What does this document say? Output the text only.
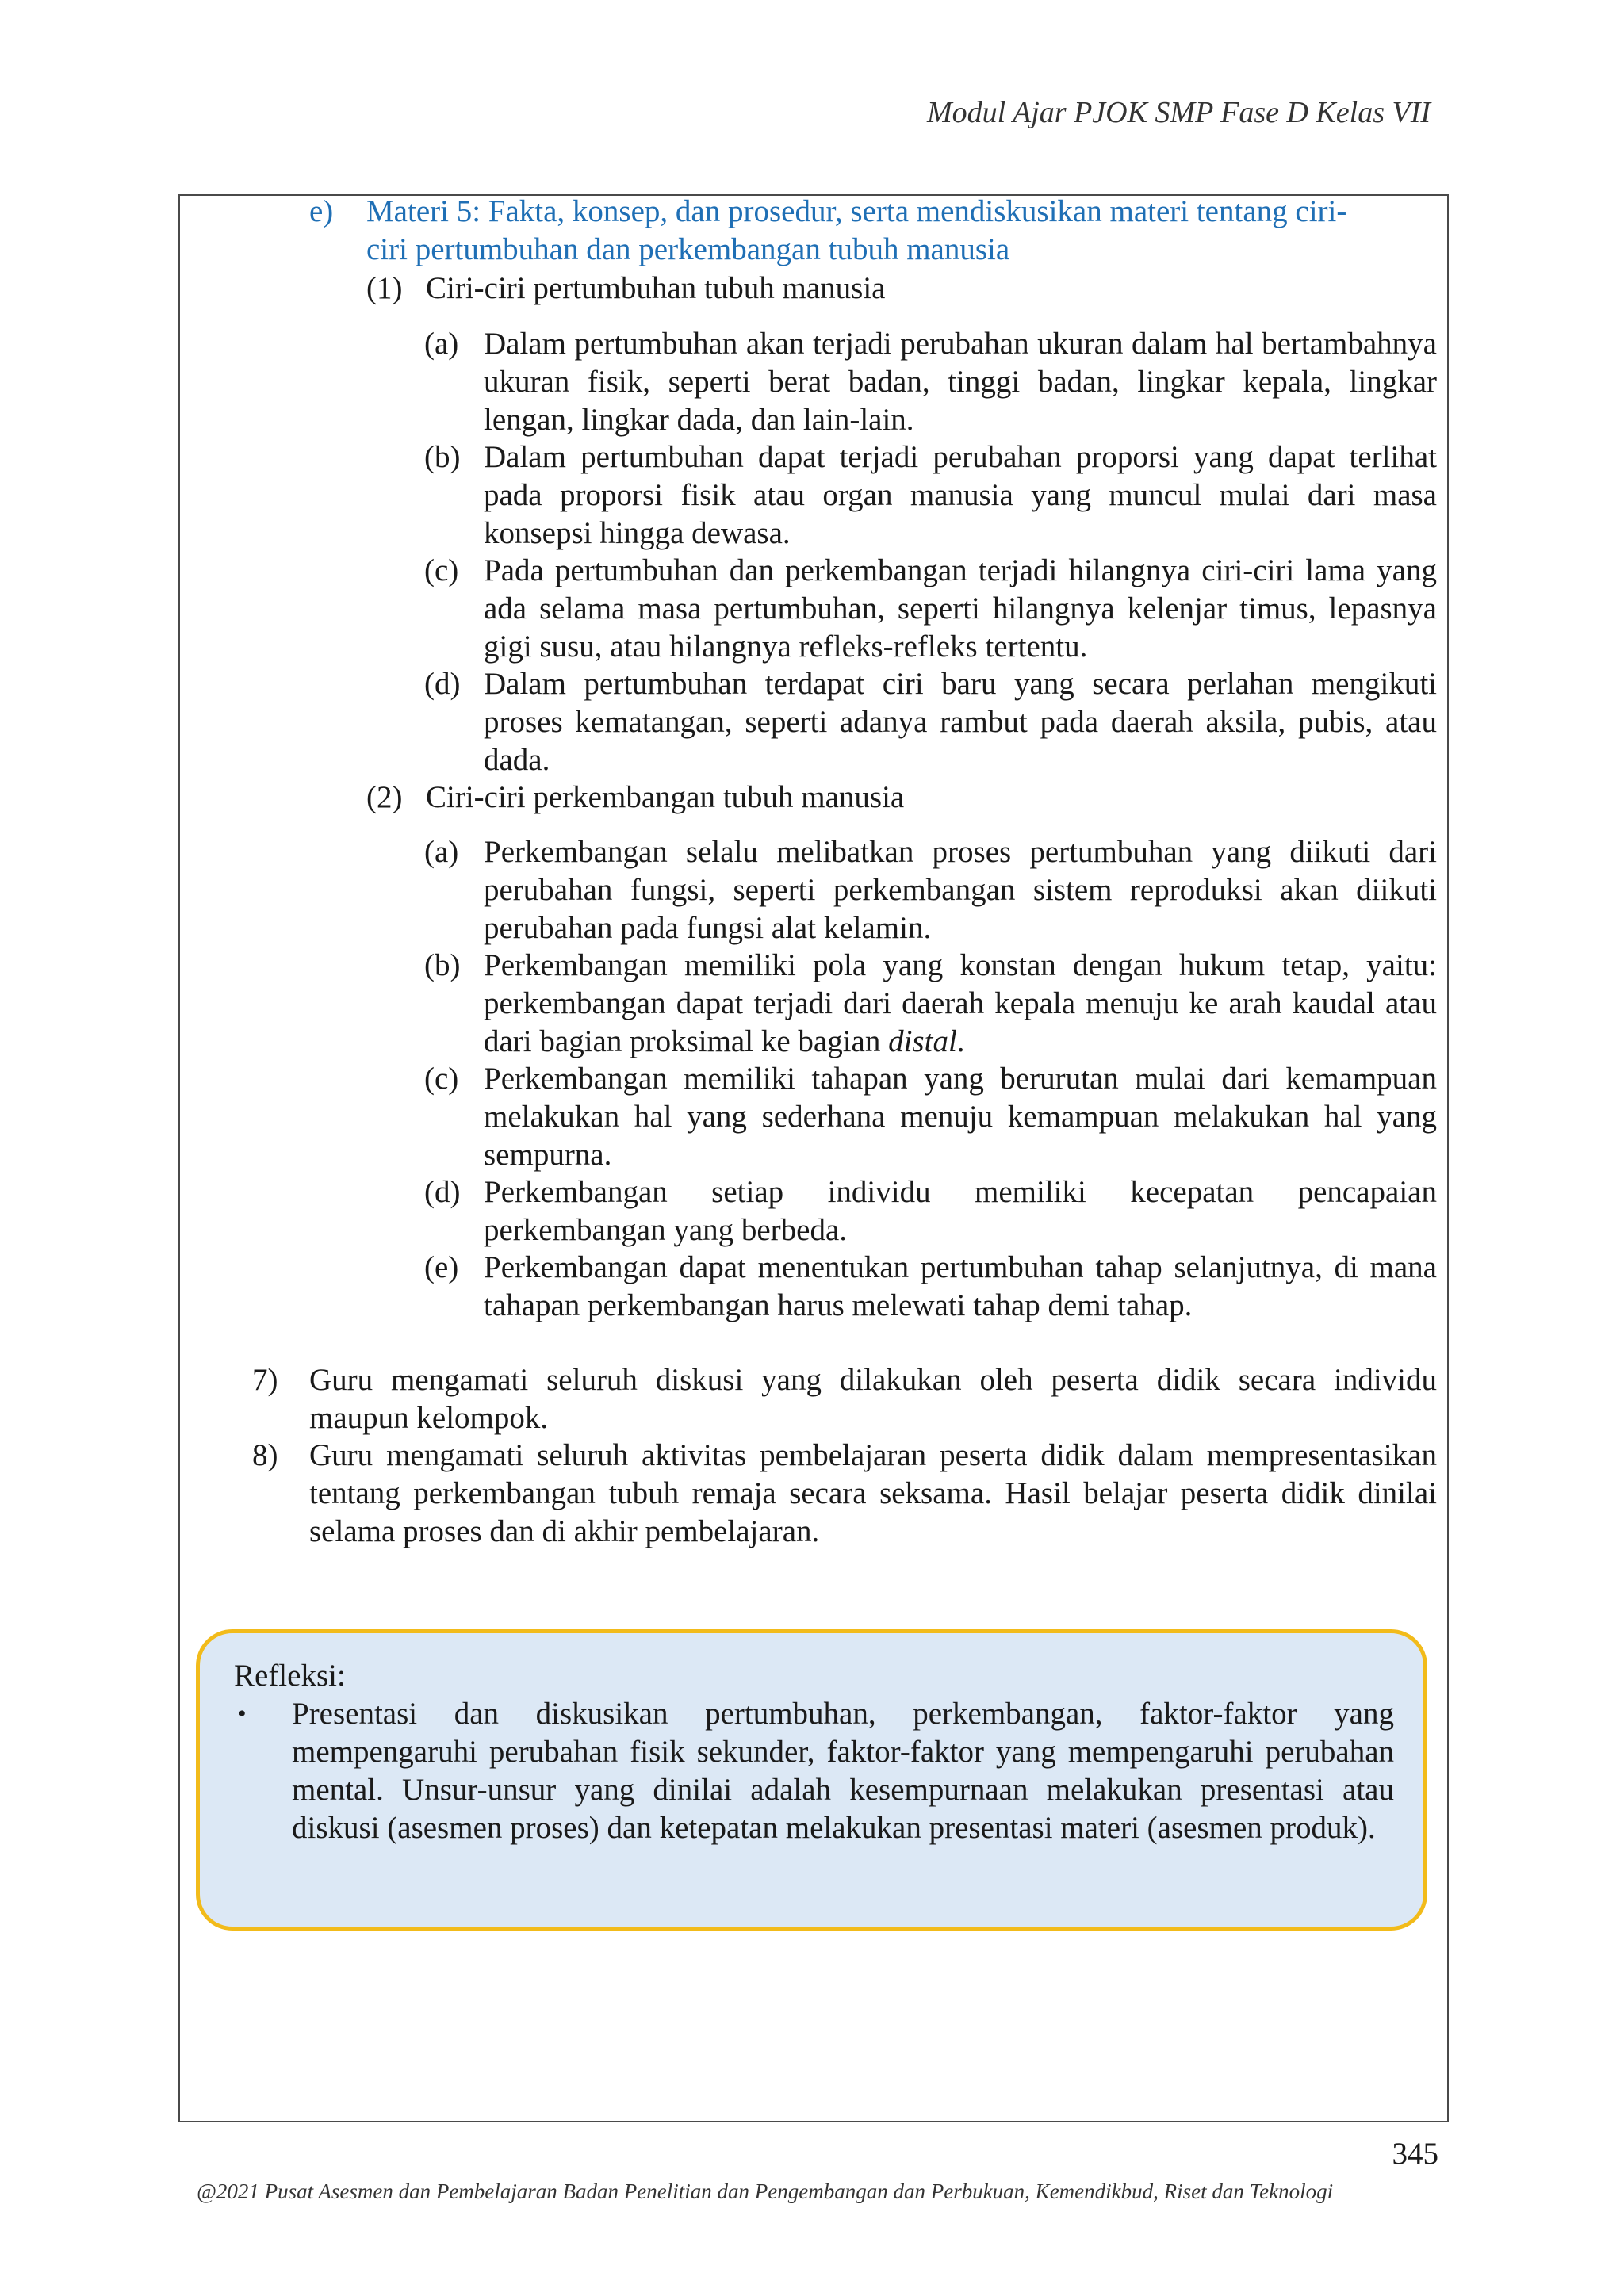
Modul Ajar PJOK SMP Fase D Kelas VII
e) Materi 5: Fakta, konsep, dan prosedur, serta mendiskusikan materi tentang ciri-
ciri pertumbuhan dan perkembangan tubuh manusia
(1) Ciri-ciri pertumbuhan tubuh manusia
(a) Dalam pertumbuhan akan terjadi perubahan ukuran dalam hal bertambahnya ukuran fisik, seperti berat badan, tinggi badan, lingkar kepala, lingkar lengan, lingkar dada, dan lain-lain.
(b) Dalam pertumbuhan dapat terjadi perubahan proporsi yang dapat terlihat pada proporsi fisik atau organ manusia yang muncul mulai dari masa konsepsi hingga dewasa.
(c) Pada pertumbuhan dan perkembangan terjadi hilangnya ciri-ciri lama yang ada selama masa pertumbuhan, seperti hilangnya kelenjar timus, lepasnya gigi susu, atau hilangnya refleks-refleks tertentu.
(d) Dalam pertumbuhan terdapat ciri baru yang secara perlahan mengikuti proses kematangan, seperti adanya rambut pada daerah aksila, pubis, atau dada.
(2) Ciri-ciri perkembangan tubuh manusia
(a) Perkembangan selalu melibatkan proses pertumbuhan yang diikuti dari perubahan fungsi, seperti perkembangan sistem reproduksi akan diikuti perubahan pada fungsi alat kelamin.
(b) Perkembangan memiliki pola yang konstan dengan hukum tetap, yaitu: perkembangan dapat terjadi dari daerah kepala menuju ke arah kaudal atau dari bagian proksimal ke bagian distal.
(c) Perkembangan memiliki tahapan yang berurutan mulai dari kemampuan melakukan hal yang sederhana menuju kemampuan melakukan hal yang sempurna.
(d) Perkembangan setiap individu memiliki kecepatan pencapaian perkembangan yang berbeda.
(e) Perkembangan dapat menentukan pertumbuhan tahap selanjutnya, di mana tahapan perkembangan harus melewati tahap demi tahap.
7) Guru mengamati seluruh diskusi yang dilakukan oleh peserta didik secara individu maupun kelompok.
8) Guru mengamati seluruh aktivitas pembelajaran peserta didik dalam mempresentasikan tentang perkembangan tubuh remaja secara seksama. Hasil belajar peserta didik dinilai selama proses dan di akhir pembelajaran.
Refleksi:
• Presentasi dan diskusikan pertumbuhan, perkembangan, faktor-faktor yang mempengaruhi perubahan fisik sekunder, faktor-faktor yang mempengaruhi perubahan mental. Unsur-unsur yang dinilai adalah kesempurnaan melakukan presentasi atau diskusi (asesmen proses) dan ketepatan melakukan presentasi materi (asesmen produk).
345
@2021 Pusat Asesmen dan Pembelajaran Badan Penelitian dan Pengembangan dan Perbukuan, Kemendikbud, Riset dan Teknologi
